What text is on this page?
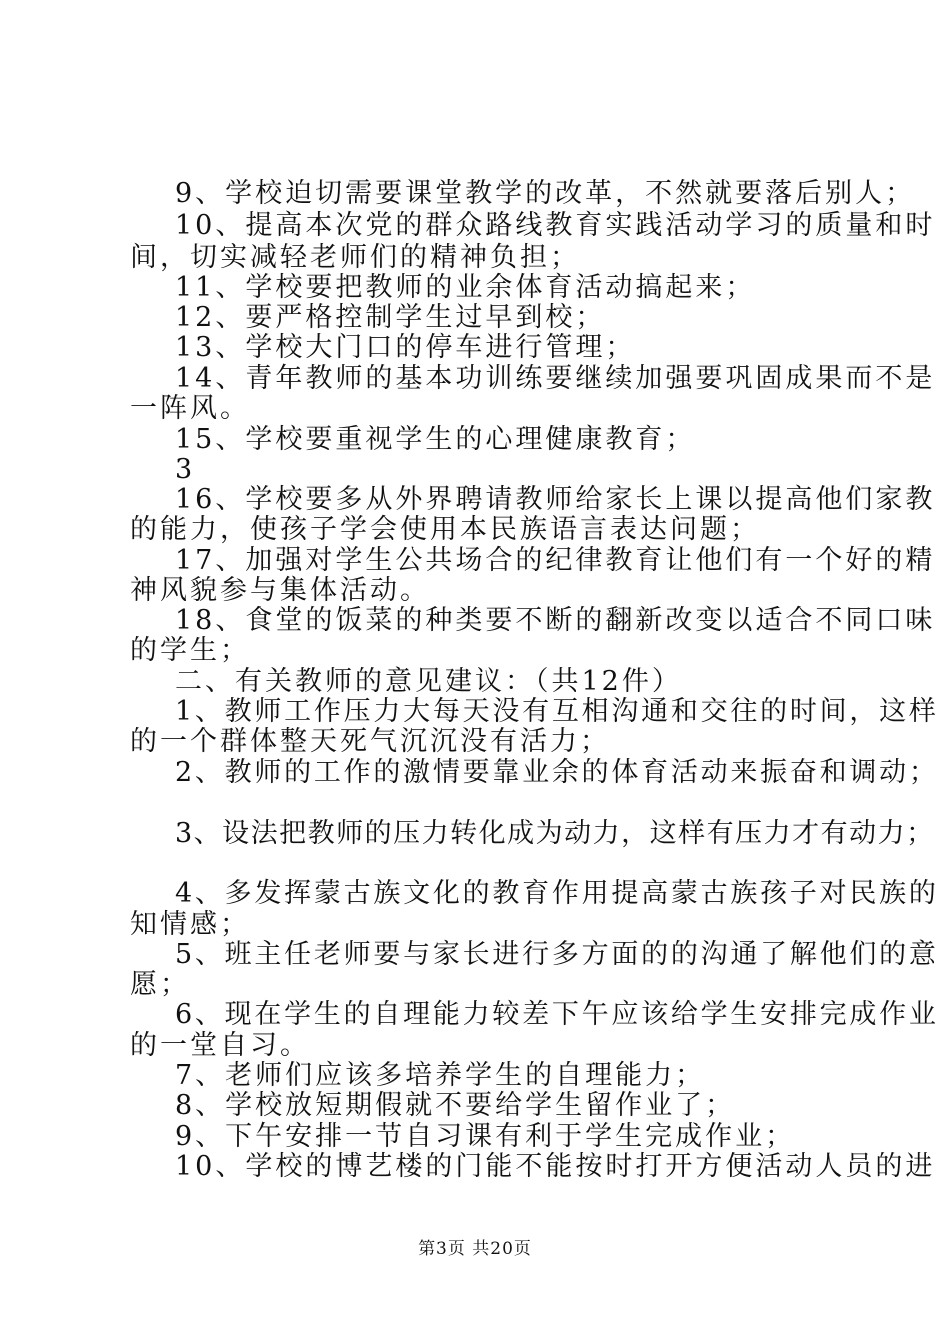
9、学校迫切需要课堂教学的改革，不然就要落后别人；
10、提高本次党的群众路线教育实践活动学习的质量和时
间，切实减轻老师们的精神负担；
11、学校要把教师的业余体育活动搞起来；
12、要严格控制学生过早到校；
13、学校大门口的停车进行管理；
14、青年教师的基本功训练要继续加强要巩固成果而不是
一阵风。
15、学校要重视学生的心理健康教育；
3
16、学校要多从外界聘请教师给家长上课以提高他们家教
的能力，使孩子学会使用本民族语言表达问题；
17、加强对学生公共场合的纪律教育让他们有一个好的精
神风貌参与集体活动。
18、食堂的饭菜的种类要不断的翻新改变以适合不同口味
的学生；
二、有关教师的意见建议：（共12件）
1、教师工作压力大每天没有互相沟通和交往的时间，这样
的一个群体整天死气沉沉没有活力；
2、教师的工作的激情要靠业余的体育活动来振奋和调动；
3、设法把教师的压力转化成为动力，这样有压力才有动力；
4、多发挥蒙古族文化的教育作用提高蒙古族孩子对民族的
知情感；
5、班主任老师要与家长进行多方面的的沟通了解他们的意
愿；
6、现在学生的自理能力较差下午应该给学生安排完成作业
的一堂自习。
7、老师们应该多培养学生的自理能力；
8、学校放短期假就不要给学生留作业了；
9、下午安排一节自习课有利于学生完成作业；
10、学校的博艺楼的门能不能按时打开方便活动人员的进
第3页 共20页
